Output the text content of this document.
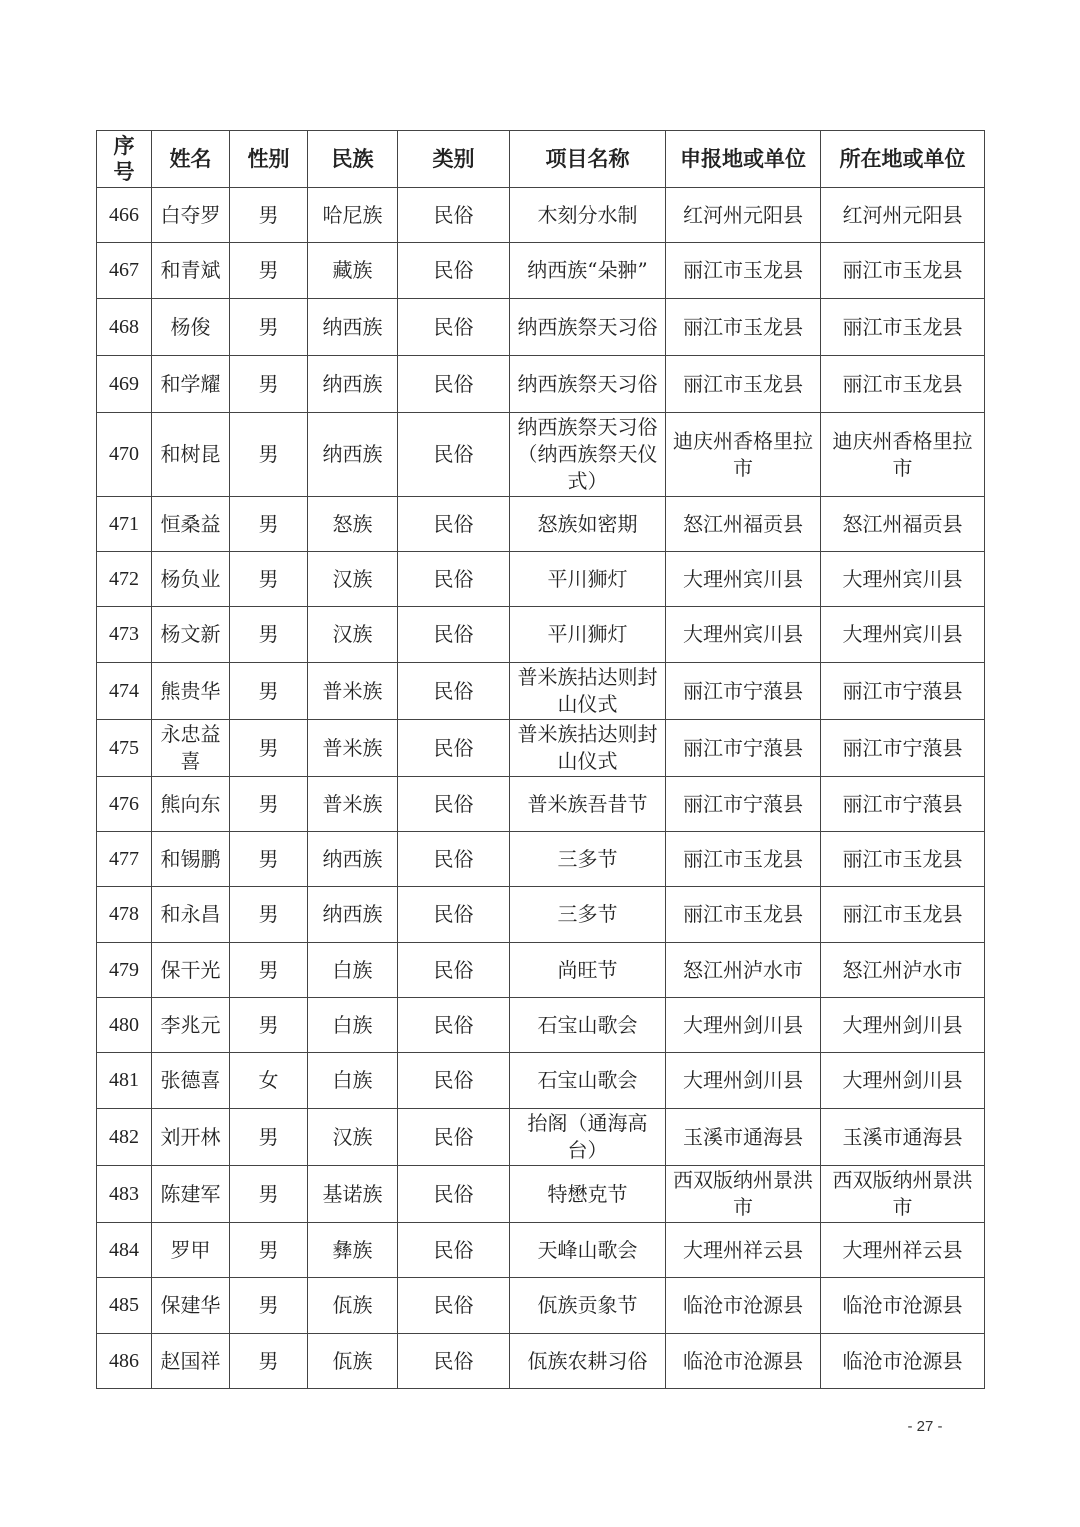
序号	姓名	性别	民族	类别	项目名称	申报地或单位	所在地或单位
466	白夺罗	男	哈尼族	民俗	木刻分水制	红河州元阳县	红河州元阳县
467	和青斌	男	藏族	民俗	纳西族“朵翀”	丽江市玉龙县	丽江市玉龙县
468	杨俊	男	纳西族	民俗	纳西族祭天习俗	丽江市玉龙县	丽江市玉龙县
469	和学耀	男	纳西族	民俗	纳西族祭天习俗	丽江市玉龙县	丽江市玉龙县
470	和树昆	男	纳西族	民俗	纳西族祭天习俗（纳西族祭天仪式）	迪庆州香格里拉市	迪庆州香格里拉市
471	恒桑益	男	怒族	民俗	怒族如密期	怒江州福贡县	怒江州福贡县
472	杨负业	男	汉族	民俗	平川狮灯	大理州宾川县	大理州宾川县
473	杨文新	男	汉族	民俗	平川狮灯	大理州宾川县	大理州宾川县
474	熊贵华	男	普米族	民俗	普米族拈达则封山仪式	丽江市宁蒗县	丽江市宁蒗县
475	永忠益喜	男	普米族	民俗	普米族拈达则封山仪式	丽江市宁蒗县	丽江市宁蒗县
476	熊向东	男	普米族	民俗	普米族吾昔节	丽江市宁蒗县	丽江市宁蒗县
477	和锡鹏	男	纳西族	民俗	三多节	丽江市玉龙县	丽江市玉龙县
478	和永昌	男	纳西族	民俗	三多节	丽江市玉龙县	丽江市玉龙县
479	保干光	男	白族	民俗	尚旺节	怒江州泸水市	怒江州泸水市
480	李兆元	男	白族	民俗	石宝山歌会	大理州剑川县	大理州剑川县
481	张德喜	女	白族	民俗	石宝山歌会	大理州剑川县	大理州剑川县
482	刘开林	男	汉族	民俗	抬阁（通海高台）	玉溪市通海县	玉溪市通海县
483	陈建军	男	基诺族	民俗	特懋克节	西双版纳州景洪市	西双版纳州景洪市
484	罗甲	男	彝族	民俗	天峰山歌会	大理州祥云县	大理州祥云县
485	保建华	男	佤族	民俗	佤族贡象节	临沧市沧源县	临沧市沧源县
486	赵国祥	男	佤族	民俗	佤族农耕习俗	临沧市沧源县	临沧市沧源县
- 27 -
